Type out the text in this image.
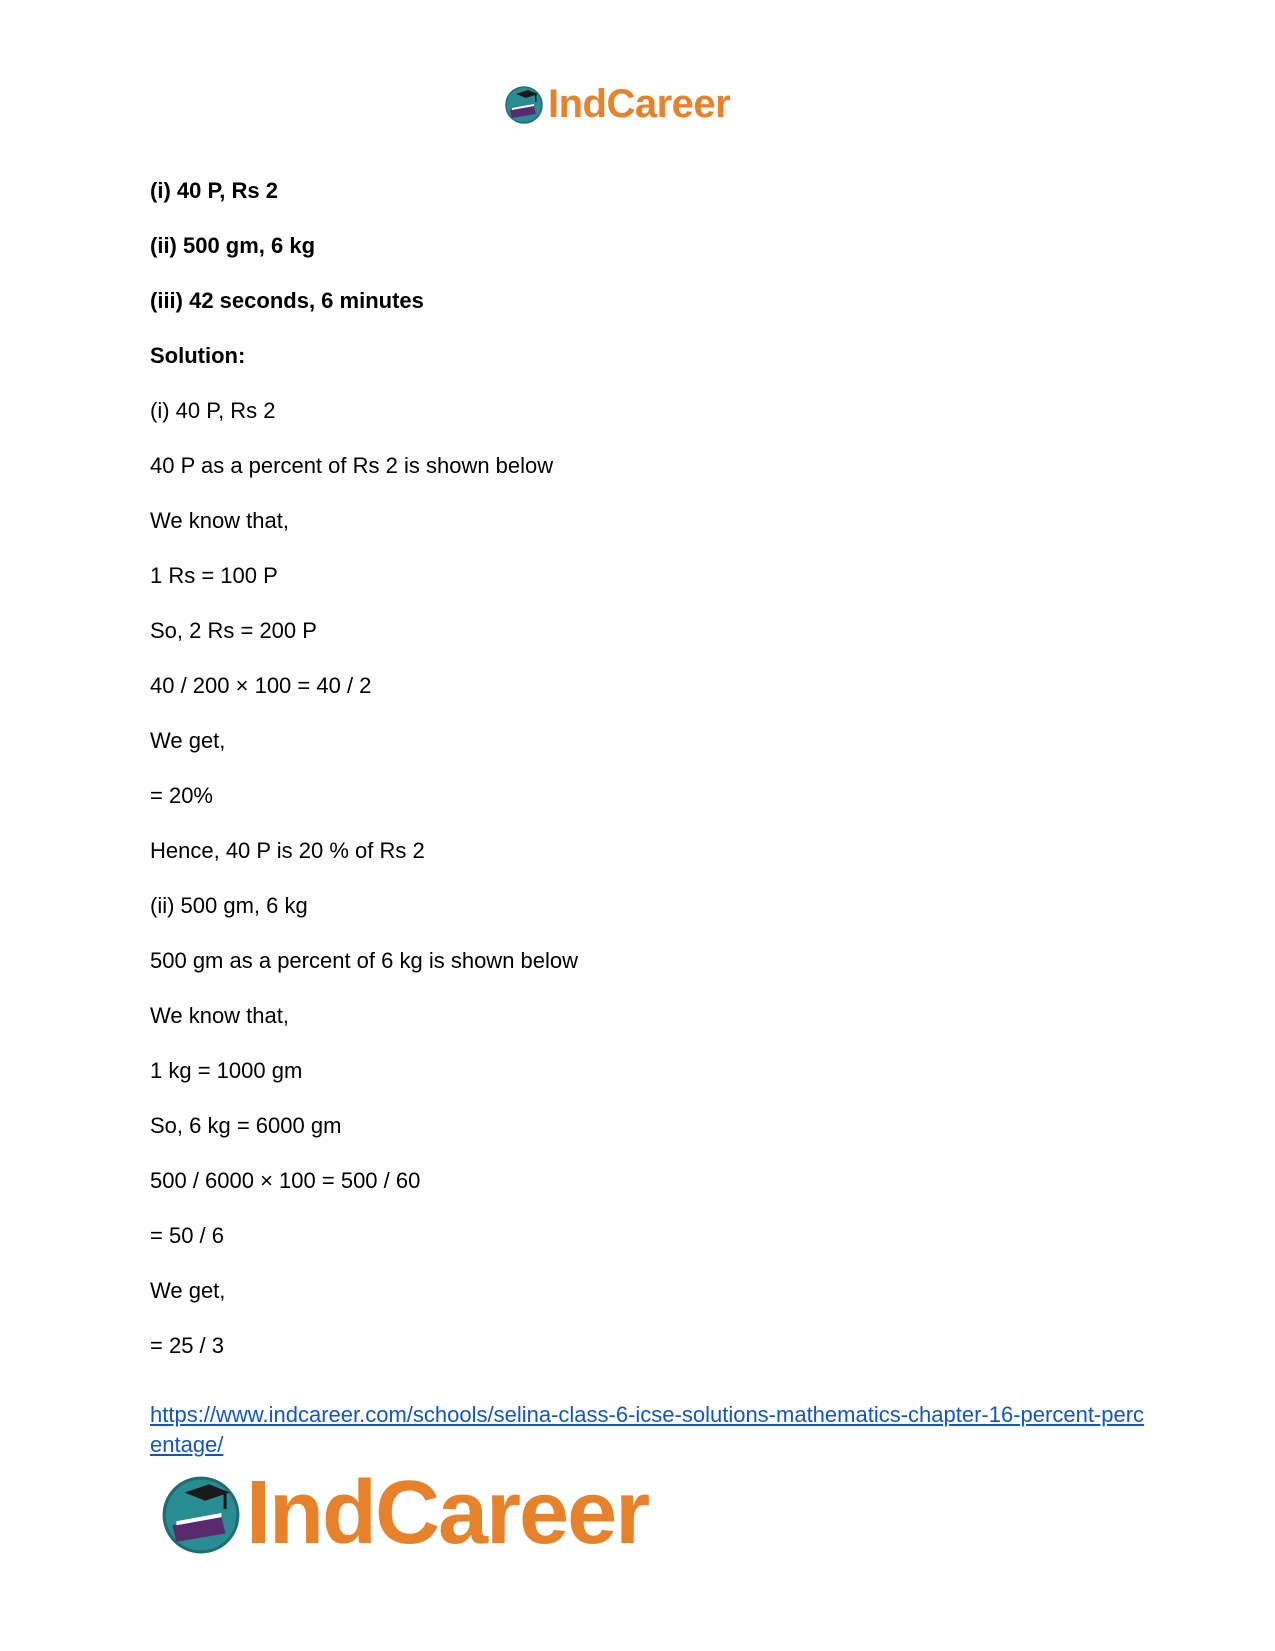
IndCareer
(i) 40 P, Rs 2
(ii) 500 gm, 6 kg
(iii) 42 seconds, 6 minutes
Solution:
(i) 40 P, Rs 2
40 P as a percent of Rs 2 is shown below
We know that,
1 Rs = 100 P
So, 2 Rs = 200 P
40 / 200 × 100 = 40 / 2
We get,
= 20%
Hence, 40 P is 20 % of Rs 2
(ii) 500 gm, 6 kg
500 gm as a percent of 6 kg is shown below
We know that,
1 kg = 1000 gm
So, 6 kg = 6000 gm
500 / 6000 × 100 = 500 / 60
= 50 / 6
We get,
= 25 / 3
https://www.indcareer.com/schools/selina-class-6-icse-solutions-mathematics-chapter-16-percent-percentage/
IndCareer
